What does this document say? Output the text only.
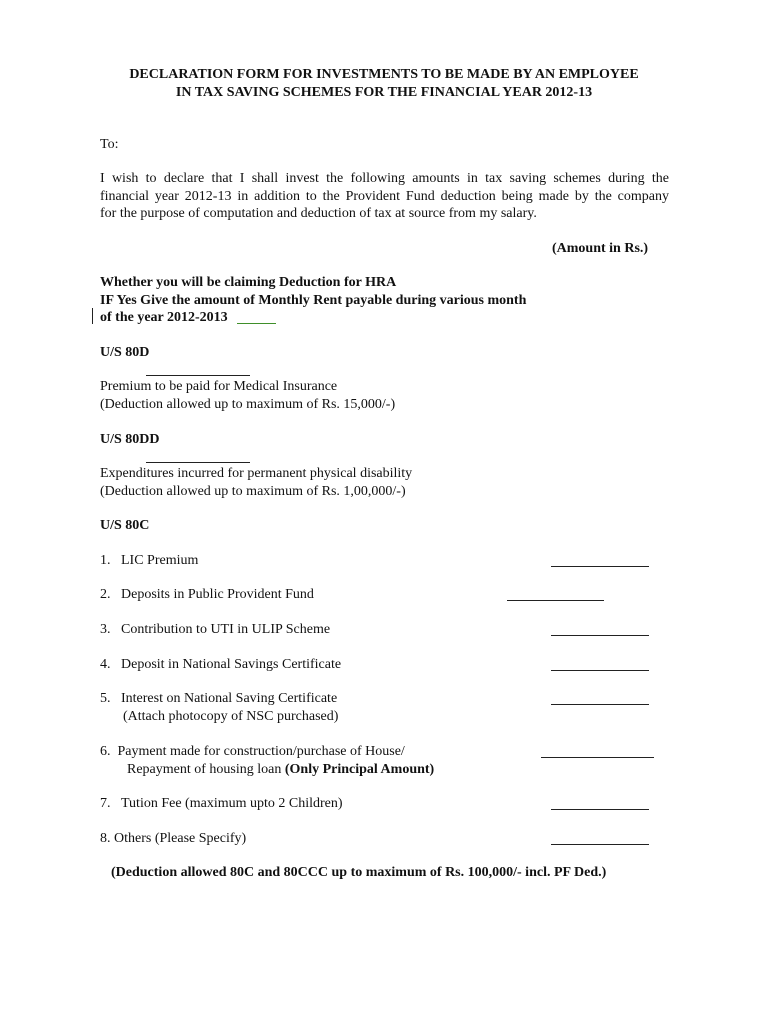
DECLARATION FORM FOR INVESTMENTS TO BE MADE BY AN EMPLOYEE
IN TAX SAVING SCHEMES FOR THE FINANCIAL YEAR 2012-13
To:
I wish to declare that I shall invest the following amounts in tax saving schemes during the
financial year 2012-13 in addition to the Provident Fund deduction being made by the company
for the purpose of computation and deduction of tax at source from my salary.
(Amount in Rs.)
Whether you will be claiming Deduction for HRA
IF Yes Give the amount of Monthly Rent payable during various month
of the year 2012-2013
U/S 80D
Premium to be paid for Medical Insurance
(Deduction allowed up to maximum of Rs. 15,000/-)
U/S 80DD
Expenditures incurred for permanent physical disability
(Deduction allowed up to maximum of Rs. 1,00,000/-)
U/S 80C
1.   LIC Premium
2.   Deposits in Public Provident Fund
3.   Contribution to UTI in ULIP Scheme
4.   Deposit in National Savings Certificate
5.   Interest on National Saving Certificate
(Attach photocopy of NSC purchased)
6.  Payment made for construction/purchase of House/
Repayment of housing loan (Only Principal Amount)
7.   Tution Fee (maximum upto 2 Children)
8. Others (Please Specify)
(Deduction allowed 80C and 80CCC up to maximum of Rs. 100,000/- incl. PF Ded.)
